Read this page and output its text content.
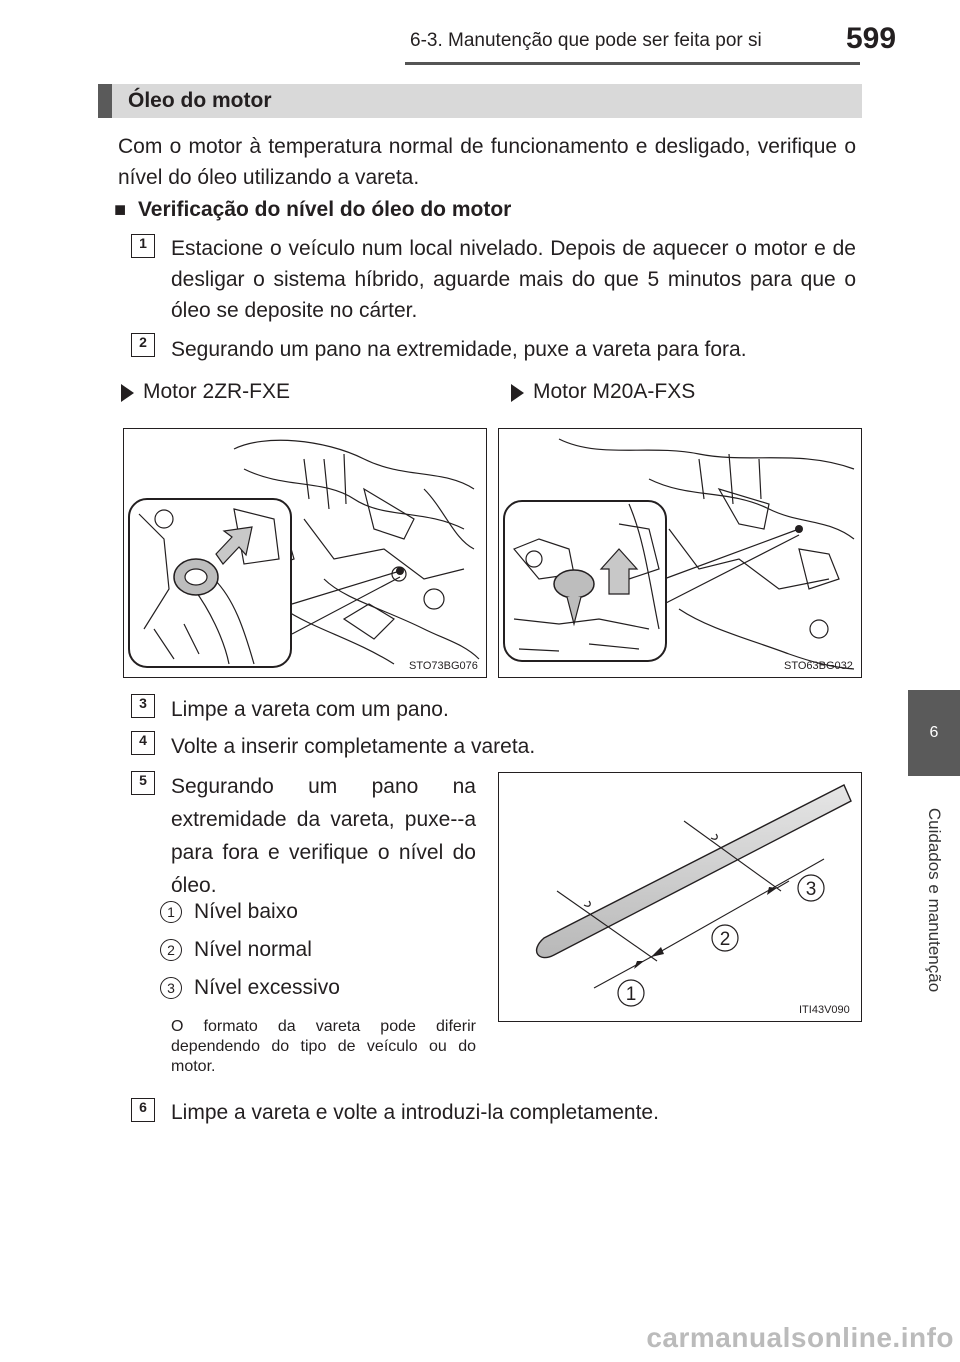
6-3. Manutenção que pode ser feita por si	599
6
Cuidados e manutenção
Óleo do motor
Com o motor à temperatura normal de funcionamento e desligado, verifique o nível do óleo utilizando a vareta.
■ Verificação do nível do óleo do motor
1	Estacione o veículo num local nivelado. Depois de aquecer o motor e de desligar o sistema híbrido, aguarde mais do que 5 minutos para que o óleo se deposite no cárter.
2	Segurando um pano na extremidade, puxe a vareta para fora.
Motor 2ZR-FXE	Motor M20A-FXS
STO73BG076	STO63BG032
3	Limpe a vareta com um pano.
4	Volte a inserir completamente a vareta.
5	Segurando um pano na extremidade da vareta, puxe--a para fora e verifique o nível do óleo.
1 Nível baixo
2 Nível normal
3 Nível excessivo
O formato da vareta pode diferir dependendo do tipo de veículo ou do motor.
1
2
3
ITI43V090
6	Limpe a vareta e volte a introduzi-la completamente.
carmanualsonline.info
